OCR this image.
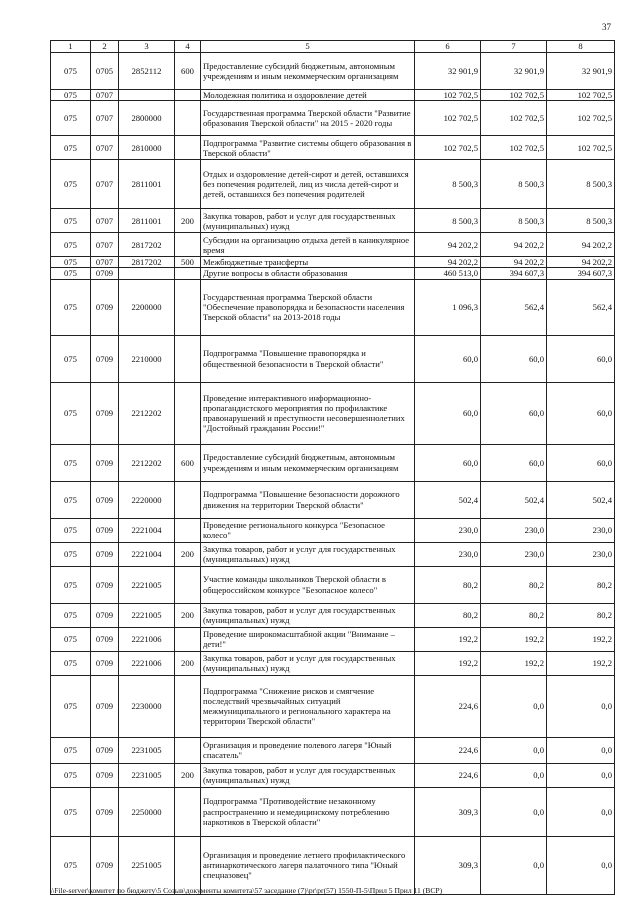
37
1	2	3	4	5	6	7	8
075	0705	2852112	600	Предоставление субсидий бюджетным, автономным учреждениям и иным некоммерческим организациям	32 901,9	32 901,9	32 901,9
075	0707			Молодежная политика и оздоровление детей	102 702,5	102 702,5	102 702,5
075	0707	2800000		Государственная программа Тверской области "Развитие образования Тверской области" на 2015 - 2020 годы	102 702,5	102 702,5	102 702,5
075	0707	2810000		Подпрограмма "Развитие системы общего образования в Тверской области"	102 702,5	102 702,5	102 702,5
075	0707	2811001		Отдых и оздоровление детей-сирот и детей, оставшихся без попечения родителей, лиц из числа детей-сирот и детей, оставшихся без попечения родителей	8 500,3	8 500,3	8 500,3
075	0707	2811001	200	Закупка товаров, работ и услуг для государственных (муниципальных) нужд	8 500,3	8 500,3	8 500,3
075	0707	2817202		Субсидии на организацию отдыха детей в каникулярное время	94 202,2	94 202,2	94 202,2
075	0707	2817202	500	Межбюджетные трансферты	94 202,2	94 202,2	94 202,2
075	0709			Другие вопросы в области образования	460 513,0	394 607,3	394 607,3
075	0709	2200000		Государственная программа Тверской области "Обеспечение правопорядка и безопасности населения Тверской области" на 2013-2018 годы	1 096,3	562,4	562,4
075	0709	2210000		Подпрограмма "Повышение правопорядка и общественной безопасности в Тверской области"	60,0	60,0	60,0
075	0709	2212202		Проведение интерактивного информационно-пропагандистского мероприятия по профилактике правонарушений и преступности несовершеннолетних "Достойный гражданин России!"	60,0	60,0	60,0
075	0709	2212202	600	Предоставление субсидий бюджетным, автономным учреждениям и иным некоммерческим организациям	60,0	60,0	60,0
075	0709	2220000		Подпрограмма "Повышение безопасности дорожного движения на территории Тверской области"	502,4	502,4	502,4
075	0709	2221004		Проведение регионального конкурса "Безопасное колесо"	230,0	230,0	230,0
075	0709	2221004	200	Закупка товаров, работ и услуг для государственных (муниципальных) нужд	230,0	230,0	230,0
075	0709	2221005		Участие команды школьников Тверской области в общероссийском конкурсе "Безопасное колесо"	80,2	80,2	80,2
075	0709	2221005	200	Закупка товаров, работ и услуг для государственных (муниципальных) нужд	80,2	80,2	80,2
075	0709	2221006		Проведение широкомасштабной акции "Внимание – дети!"	192,2	192,2	192,2
075	0709	2221006	200	Закупка товаров, работ и услуг для государственных (муниципальных) нужд	192,2	192,2	192,2
075	0709	2230000		Подпрограмма "Снижение рисков и смягчение последствий чрезвычайных ситуаций межмуниципального и регионального характера на территории Тверской области"	224,6	0,0	0,0
075	0709	2231005		Организация и проведение полевого лагеря "Юный спасатель"	224,6	0,0	0,0
075	0709	2231005	200	Закупка товаров, работ и услуг для государственных (муниципальных) нужд	224,6	0,0	0,0
075	0709	2250000		Подпрограмма "Противодействие незаконному распространению и немедицинскому потреблению наркотиков в Тверской области"	309,3	0,0	0,0
075	0709	2251005		Организация и проведение летнего профилактического антинаркотического лагеря палаточного типа "Юный спецназовец"	309,3	0,0	0,0
\\File-server\комитет по бюджету\5 Созыв\документы комитета\57 заседание (7)\pr\pr(57) 1550-П-5\Прил 5 Прил 11 (ВСР)
